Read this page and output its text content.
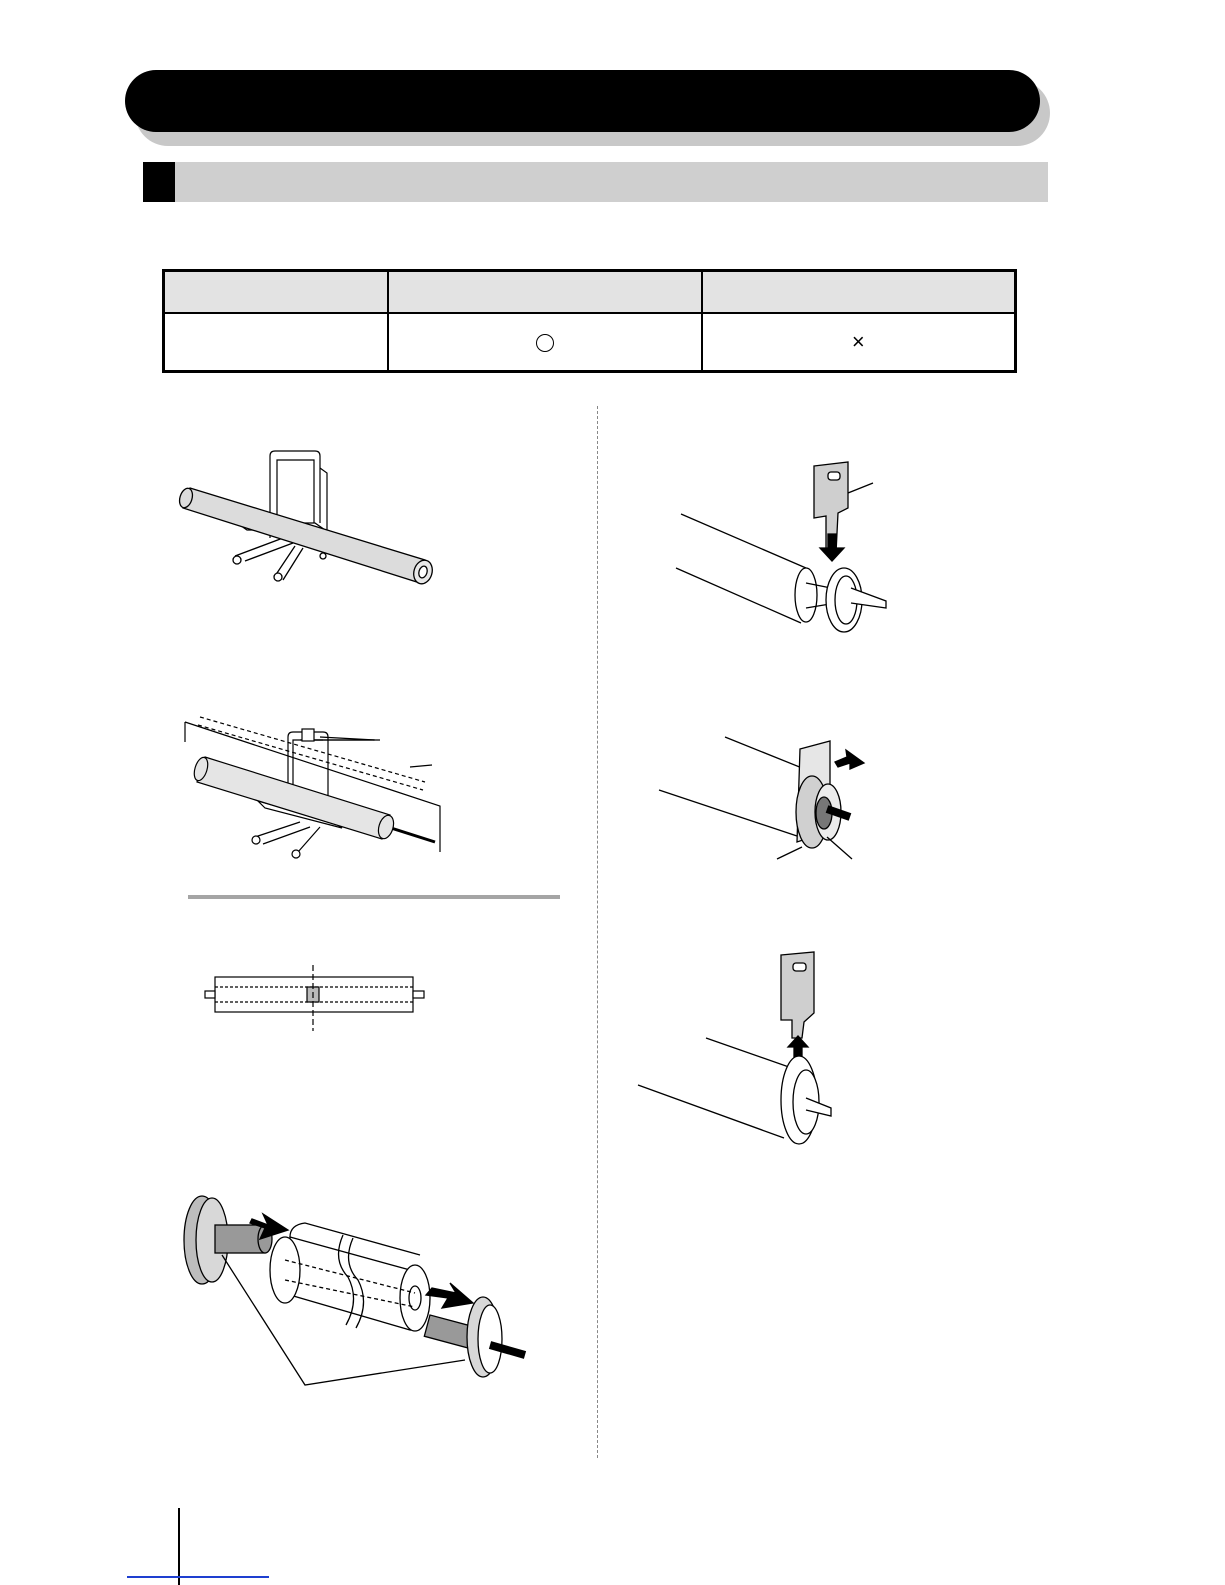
		×
